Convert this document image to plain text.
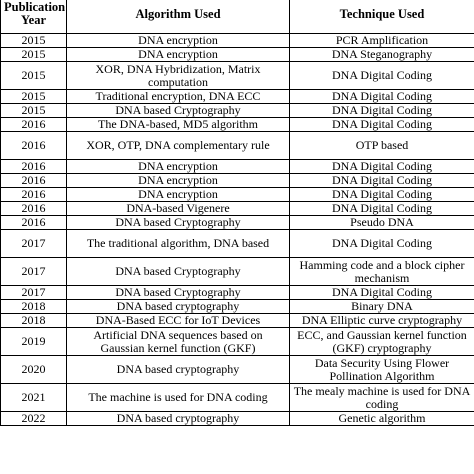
Publication Year	Algorithm Used	Technique Used
2015	DNA encryption	PCR Amplification
2015	DNA encryption	DNA Steganography
2015	XOR, DNA Hybridization, Matrix computation	DNA Digital Coding
2015	Traditional encryption, DNA ECC	DNA Digital Coding
2015	DNA based Cryptography	DNA Digital Coding
2016	The DNA-based, MD5 algorithm	DNA Digital Coding
2016	XOR, OTP, DNA complementary rule	OTP based
2016	DNA encryption	DNA Digital Coding
2016	DNA encryption	DNA Digital Coding
2016	DNA encryption	DNA Digital Coding
2016	DNA-based Vigenere	DNA Digital Coding
2016	DNA based Cryptography	Pseudo DNA
2017	The traditional algorithm, DNA based	DNA Digital Coding
2017	DNA based Cryptography	Hamming code and a block cipher mechanism
2017	DNA based Cryptography	DNA Digital Coding
2018	DNA based cryptography	Binary DNA
2018	DNA-Based ECC for IoT Devices	DNA Elliptic curve cryptography
2019	Artificial DNA sequences based on Gaussian kernel function (GKF)	ECC, and Gaussian kernel function (GKF) cryptography
2020	DNA based cryptography	Data Security Using Flower Pollination Algorithm
2021	The machine is used for DNA coding	The mealy machine is used for DNA coding
2022	DNA based cryptography	Genetic algorithm
